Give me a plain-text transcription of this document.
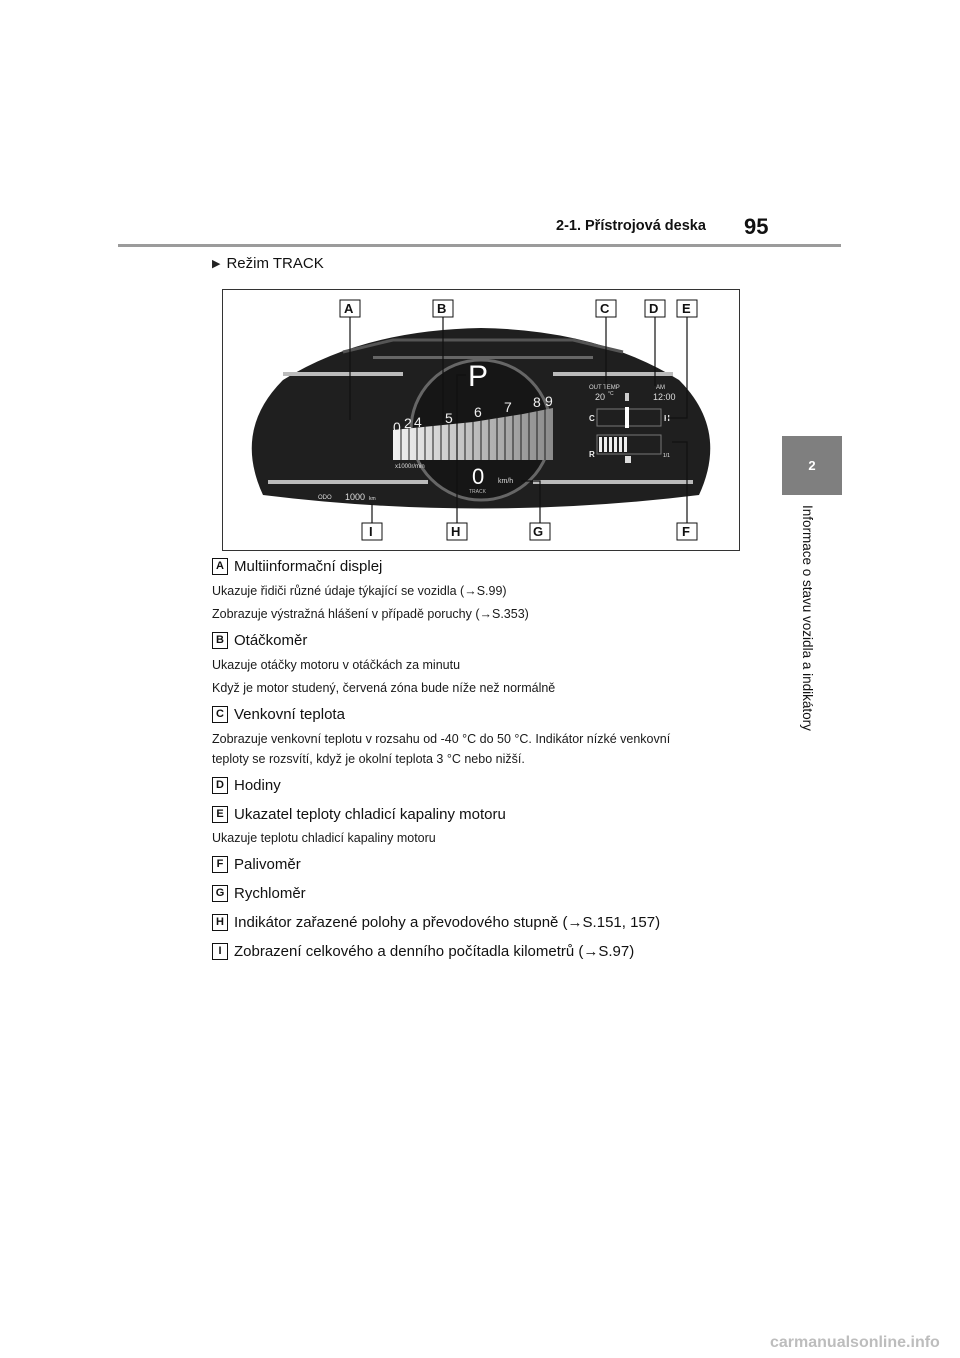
2-1. Přístrojová deska 95
2
Informace o stavu vozidla a indikátory
▶ Režim TRACK
0 2 4 5 6 7 8 9
x1000r/min
P
0 km/h
TRACK
ODO 1000 km
OUT TEMP
20 °C
AM
12:00
C	H
R	1/1
A	B	C	D E
F
G
H
I
A Multiinformační displej
Ukazuje řidiči různé údaje týkající se vozidla (→S.99)
Zobrazuje výstražná hlášení v případě poruchy (→S.353)
B Otáčkoměr
Ukazuje otáčky motoru v otáčkách za minutu
Když je motor studený, červená zóna bude níže než normálně
C Venkovní teplota
Zobrazuje venkovní teplotu v rozsahu od -40 °C do 50 °C. Indikátor nízké venkovní
teploty se rozsvítí, když je okolní teplota 3 °C nebo nižší.
D Hodiny
E Ukazatel teploty chladicí kapaliny motoru
Ukazuje teplotu chladicí kapaliny motoru
F Palivoměr
G Rychloměr
H Indikátor zařazené polohy a převodového stupně (→S.151, 157)
I Zobrazení celkového a denního počítadla kilometrů (→S.97)
carmanualsonline.info
